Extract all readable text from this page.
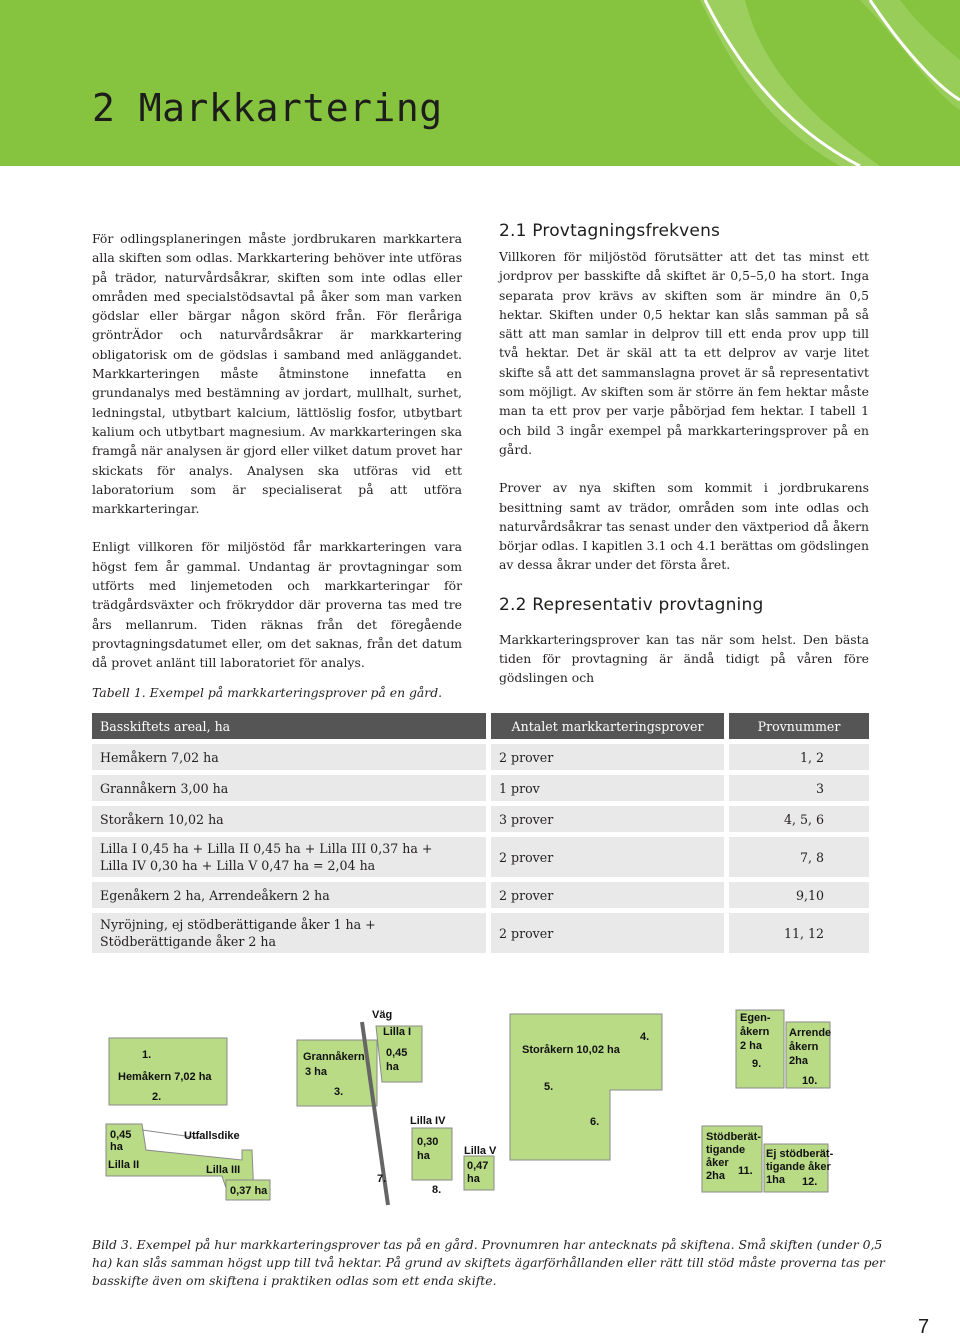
2 Markkartering

För odlingsplaneringen måste jordbrukaren markkartera alla skiften som odlas. Markkartering behöver inte utföras på trädor, naturvårdsåkrar, skiften som inte odlas eller områden med specialstödsavtal på åker som man varken gödslar eller bärgar någon skörd från. För fleråriga gröntrÄdor och naturvårdsåkrar är markkartering obligatorisk om de gödslas i samband med anläggandet. Markkarteringen måste åtminstone innefatta en grundanalys med bestämning av jordart, mullhalt, surhet, ledningstal, utbytbart kalcium, lättlöslig fosfor, utbytbart kalium och utbytbart magnesium. Av markkarteringen ska framgå när analysen är gjord eller vilket datum provet har skickats för analys. Analysen ska utföras vid ett laboratorium som är specialiserat på att utföra markkarteringar.

Enligt villkoren för miljöstöd får markkarteringen vara högst fem år gammal. Undantag är provtagningar som utförts med linjemetoden och markkarteringar för trädgårdsväxter och frökryddor där proverna tas med tre års mellanrum. Tiden räknas från det föregående provtagningsdatumet eller, om det saknas, från det datum då provet anlänt till laboratoriet för analys.

2.1 Provtagningsfrekvens

Villkoren för miljöstöd förutsätter att det tas minst ett jordprov per basskifte då skiftet är 0,5–5,0 ha stort. Inga separata prov krävs av skiften som är mindre än 0,5 hektar. Skiften under 0,5 hektar kan slås samman på så sätt att man samlar in delprov till ett enda prov upp till två hektar. Det är skäl att ta ett delprov av varje litet skifte så att det sammanslagna provet är så representativt som möjligt. Av skiften som är större än fem hektar måste man ta ett prov per varje påbörjad fem hektar. I tabell 1 och bild 3 ingår exempel på markkarteringsprover på en gård.

Prover av nya skiften som kommit i jordbrukarens besittning samt av trädor, områden som inte odlas och naturvårdsåkrar tas senast under den växtperiod då åkern börjar odlas. I kapitlen 3.1 och 4.1 berättas om gödslingen av dessa åkrar under det första året.

2.2 Representativ provtagning

Markkarteringsprover kan tas när som helst. Den bästa tiden för provtagning är ändå tidigt på våren före gödslingen och

Tabell 1. Exempel på markkarteringsprover på en gård.
Basskiftets areal, ha	Antalet markkarteringsprover	Provnummer
Hemåkern 7,02 ha	2 prover	1, 2
Grannåkern 3,00 ha	1 prov	3
Storåkern 10,02 ha	3 prover	4, 5, 6
Lilla I 0,45 ha + Lilla II 0,45 ha + Lilla III 0,37 ha +
Lilla IV 0,30 ha + Lilla V 0,47 ha = 2,04 ha	2 prover	7, 8
Egenåkern 2 ha, Arrendeåkern 2 ha	2 prover	9,10
Nyröjning, ej stödberättigande åker 1 ha +
Stödberättigande åker 2 ha	2 prover	11, 12
1.
Hemåkern 7,02 ha
2.
Grannåkern
3 ha
3.
Väg
Lilla I
0,45
ha
Storåkern 10,02 ha
4.
5.
6.
Egen-
åkern
2 ha
9.
Arrende
åkern
2ha
10.
0,45
ha
Lilla II
Utfallsdike
Lilla III
0,37 ha
7.
Lilla IV
0,30
ha
8.
Lilla V
0,47
ha
Stödberät-
tigande
åker
2ha 11.
Ej stödberät-
tigande åker
1ha 12.
Bild 3. Exempel på hur markkarteringsprover tas på en gård. Provnumren har antecknats på skiftena. Små skiften (under 0,5 ha) kan slås samman högst upp till två hektar. På grund av skiftets ägarförhållanden eller rätt till stöd måste proverna tas per basskifte även om skiftena i praktiken odlas som ett enda skifte.
7
